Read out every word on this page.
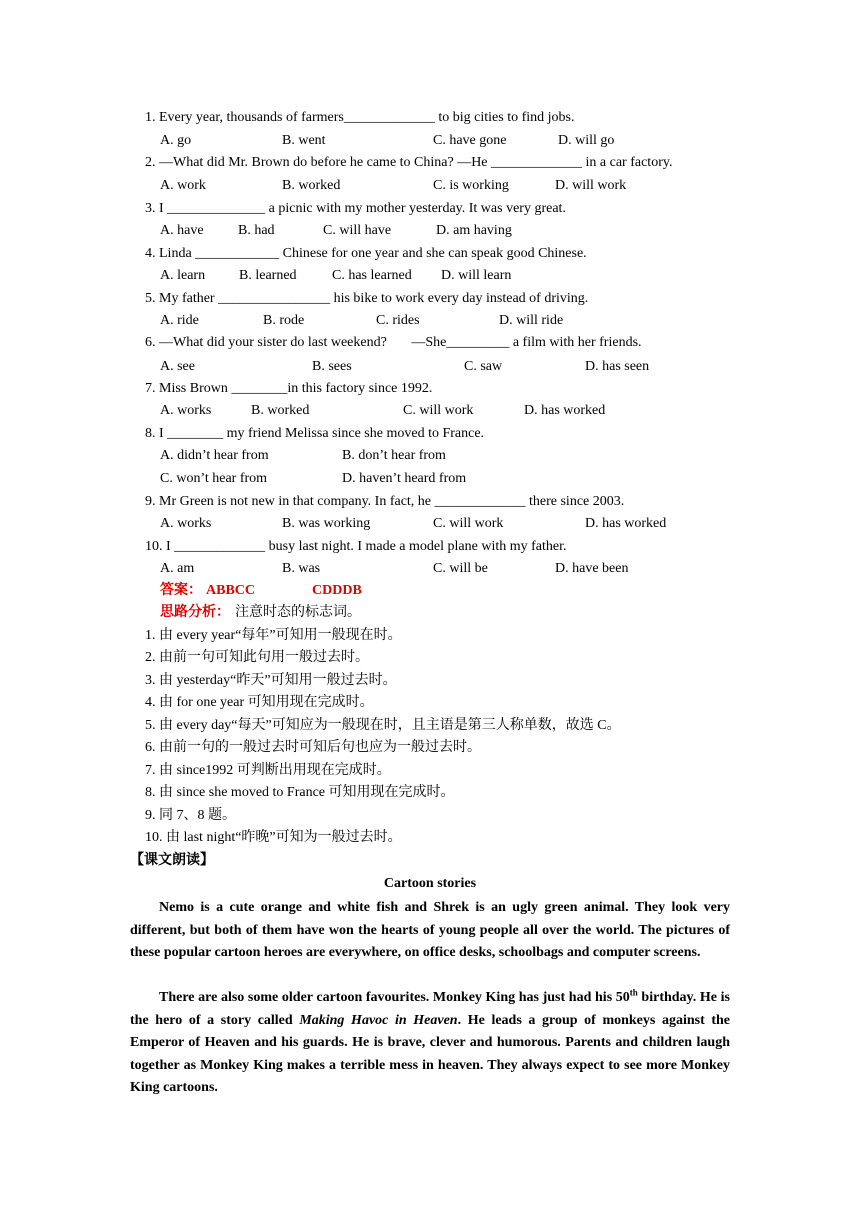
1. Every year, thousands of farmers_____________ to big cities to find jobs.
A. go	B. went	C. have gone	D. will go
2. —What did Mr. Brown do before he came to China? —He _____________ in a car factory.
A. work	B. worked	C. is working	D. will work
3. I ______________ a picnic with my mother yesterday. It was very great.
A. have B. had	C. will have	D. am having
4. Linda ____________ Chinese for one year and she can speak good Chinese.
A. learn B. learned	C. has learned D. will learn
5. My father ________________ his bike to work every day instead of driving.
A. ride	B. rode	C. rides	D. will ride
6. —What did your sister do last weekend?       —She_________ a film with her friends.
A. see	B. sees	C. saw	D. has seen
7. Miss Brown ________in this factory since 1992.
A. works	B. worked	C. will work	D. has worked
8. I ________ my friend Melissa since she moved to France.
A. didn’t hear from	B. don’t hear from
C. won’t hear from	D. haven’t heard from
9. Mr Green is not new in that company. In fact, he _____________ there since 2003.
A. works	B. was working	C. will work	D. has worked
10. I _____________ busy last night. I made a model plane with my father.
A. am	B. was	C. will be	D. have been
答案： ABBCC	CDDDB
思路分析： 注意时态的标志词。
1. 由 every year“每年”可知用一般现在时。
2. 由前一句可知此句用一般过去时。
3. 由 yesterday“昨天”可知用一般过去时。
4. 由 for one year 可知用现在完成时。
5. 由 every day“每天”可知应为一般现在时，且主语是第三人称单数，故选 C。
6. 由前一句的一般过去时可知后句也应为一般过去时。
7. 由 since1992 可判断出用现在完成时。
8. 由 since she moved to France 可知用现在完成时。
9. 同 7、8 题。
10. 由 last night“昨晚”可知为一般过去时。
【课文朗读】
Cartoon stories
Nemo is a cute orange and white fish and Shrek is an ugly green animal. They look very different, but both of them have won the hearts of young people all over the world. The pictures of these popular cartoon heroes are everywhere, on office desks, schoolbags and computer screens.
There are also some older cartoon favourites. Monkey King has just had his 50th birthday. He is the hero of a story called Making Havoc in Heaven. He leads a group of monkeys against the Emperor of Heaven and his guards. He is brave, clever and humorous. Parents and children laugh together as Monkey King makes a terrible mess in heaven. They always expect to see more Monkey King cartoons.
